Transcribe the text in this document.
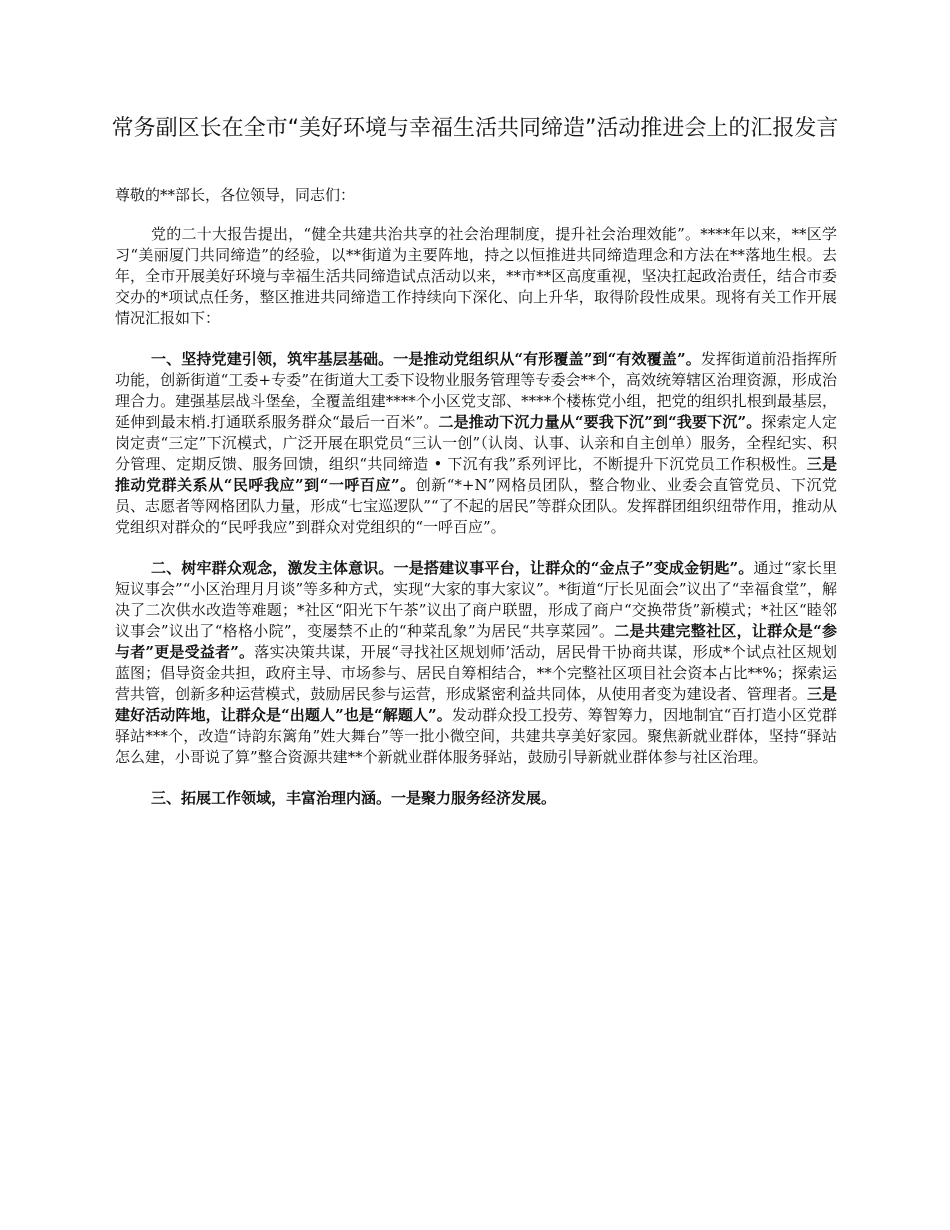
常务副区长在全市“美好环境与幸福生活共同缔造”活动推进会上的汇报发言

尊敬的**部长，各位领导，同志们：

党的二十大报告提出，“健全共建共治共享的社会治理制度，提升社会治理效能”。****年以来，**区学习“美丽厦门共同缔造”的经验，以**街道为主要阵地，持之以恒推进共同缔造理念和方法在**落地生根。去年，全市开展美好环境与幸福生活共同缔造试点活动以来，**市**区高度重视，坚决扛起政治责任，结合市委交办的*项试点任务，整区推进共同缔造工作持续向下深化、向上升华，取得阶段性成果。现将有关工作开展情况汇报如下：

一、坚持党建引领，筑牢基层基础。一是推动党组织从“有形覆盖”到“有效覆盖”。发挥街道前沿指挥所功能，创新街道“工委+专委”在街道大工委下设物业服务管理等专委会**个，高效统筹辖区治理资源，形成治理合力。建强基层战斗堡垒，全覆盖组建****个小区党支部、****个楼栋党小组，把党的组织扎根到最基层，延伸到最末梢.打通联系服务群众“最后一百米”。二是推动下沉力量从“要我下沉”到“我要下沉”。探索定人定岗定责“三定”下沉模式，广泛开展在职党员“三认一创”（认岗、认事、认亲和自主创单）服务，全程纪实、积分管理、定期反馈、服务回馈，组织“共同缔造 • 下沉有我”系列评比，不断提升下沉党员工作积极性。三是推动党群关系从“民呼我应”到“一呼百应”。创新“*+N”网格员团队，整合物业、业委会直管党员、下沉党员、志愿者等网格团队力量，形成“七宝巡逻队”“了不起的居民”等群众团队。发挥群团组织纽带作用，推动从党组织对群众的“民呼我应”到群众对党组织的“一呼百应”。

二、树牢群众观念，激发主体意识。一是搭建议事平台，让群众的“金点子”变成金钥匙”。通过“家长里短议事会”“小区治理月月谈”等多种方式，实现“大家的事大家议”。*街道“厅长见面会”议出了“幸福食堂”，解决了二次供水改造等难题；*社区“阳光下午茶”议出了商户联盟，形成了商户“交换带货”新模式；*社区“睦邻议事会”议出了“格格小院”，变屡禁不止的“种菜乱象”为居民“共享菜园”。二是共建完整社区，让群众是“参与者”更是受益者”。落实决策共谋，开展“寻找社区规划师’活动，居民骨干协商共谋，形成*个试点社区规划蓝图；倡导资金共担，政府主导、市场参与、居民自筹相结合，**个完整社区项目社会资本占比**%；探索运营共管，创新多种运营模式，鼓励居民参与运营，形成紧密利益共同体，从使用者变为建设者、管理者。三是建好活动阵地，让群众是“出题人”也是“解题人”。发动群众投工投劳、筹智筹力，因地制宜“百打造小区党群驿站***个，改造“诗韵东篱角”姓大舞台”等一批小微空间，共建共享美好家园。聚焦新就业群体，坚持“驿站怎么建，小哥说了算”整合资源共建**个新就业群体服务驿站，鼓励引导新就业群体参与社区治理。

三、拓展工作领域，丰富治理内涵。一是聚力服务经济发展。
